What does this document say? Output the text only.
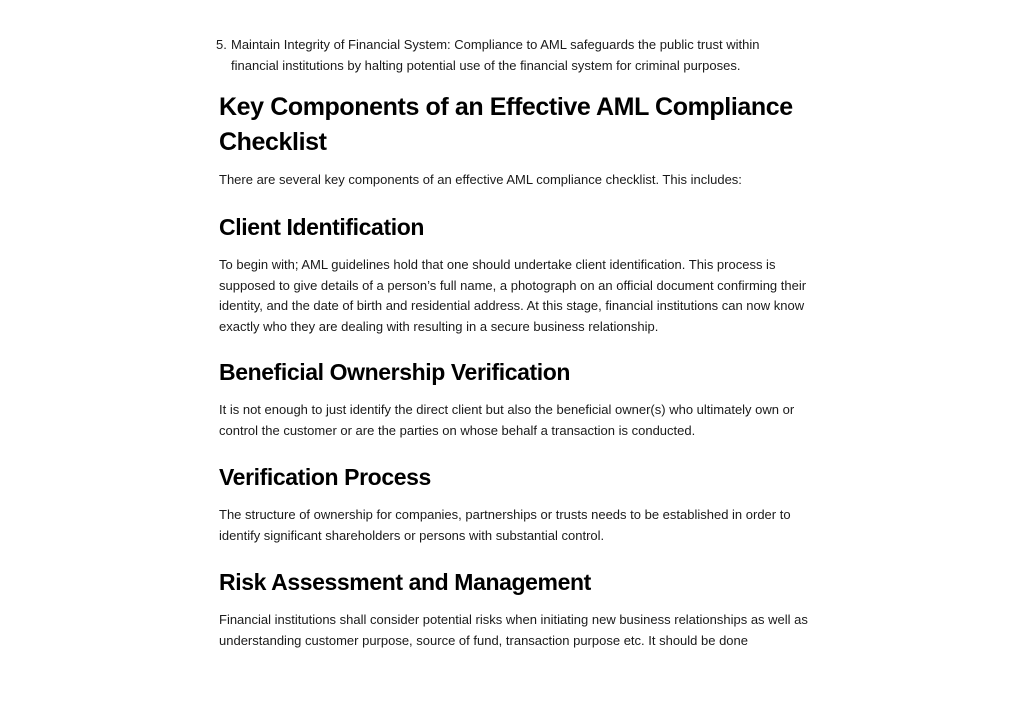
5. Maintain Integrity of Financial System: Compliance to AML safeguards the public trust within financial institutions by halting potential use of the financial system for criminal purposes.
Key Components of an Effective AML Compliance Checklist

There are several key components of an effective AML compliance checklist. This includes:

Client Identification

To begin with; AML guidelines hold that one should undertake client identification. This process is supposed to give details of a person’s full name, a photograph on an official document confirming their identity, and the date of birth and residential address. At this stage, financial institutions can now know exactly who they are dealing with resulting in a secure business relationship.

Beneficial Ownership Verification

It is not enough to just identify the direct client but also the beneficial owner(s) who ultimately own or control the customer or are the parties on whose behalf a transaction is conducted.

Verification Process

The structure of ownership for companies, partnerships or trusts needs to be established in order to identify significant shareholders or persons with substantial control.

Risk Assessment and Management

Financial institutions shall consider potential risks when initiating new business relationships as well as understanding customer purpose, source of fund, transaction purpose etc. It should be done
